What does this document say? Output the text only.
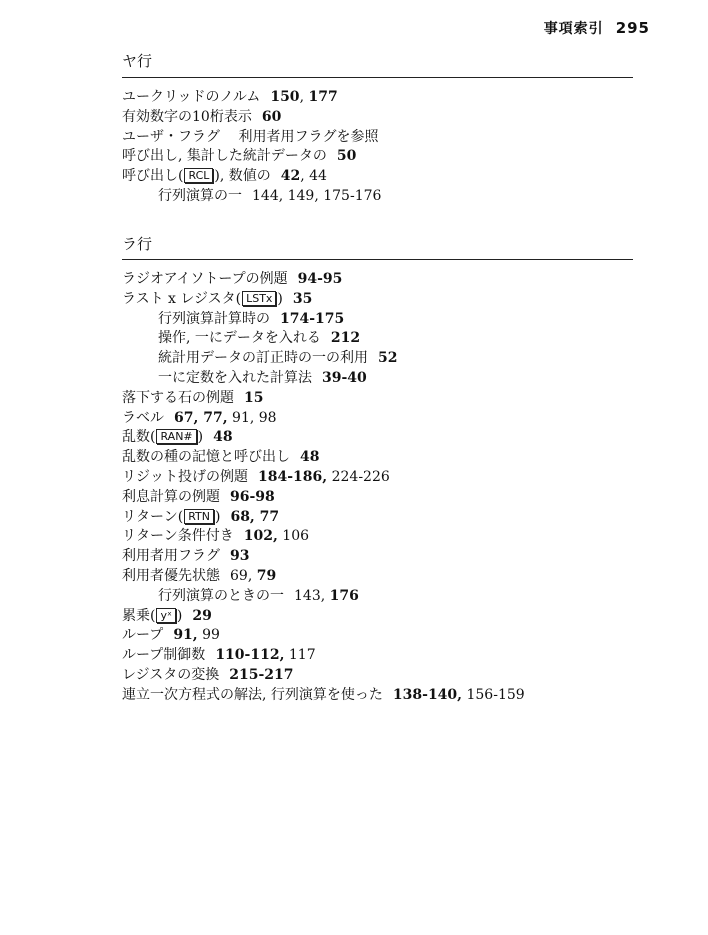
事項索引 295
ヤ行
ユークリッドのノルム 150, 177
有効数字の10桁表示 60
ユーザ・フラグ　 利用者用フラグを参照
呼び出し, 集計した統計データの 50
呼び出し( RCL ), 数値の 42, 44
行列演算の一 144, 149, 175-176
ラ行
ラジオアイソトープの例題 94-95
ラスト x レジスタ( LSTx ) 35
行列演算計算時の 174-175
操作, 一にデータを入れる 212
統計用データの訂正時の一の利用 52
一に定数を入れた計算法 39-40
落下する石の例題 15
ラベル 67, 77, 91, 98
乱数( RAN# ) 48
乱数の種の記憶と呼び出し 48
リジット投げの例題 184-186, 224-226
利息計算の例題 96-98
リターン( RTN ) 68, 77
リターン条件付き 102, 106
利用者用フラグ 93
利用者優先状態 69, 79
行列演算のときの一 143, 176
累乗( yˣ ) 29
ループ 91, 99
ループ制御数 110-112, 117
レジスタの変換 215-217
連立一次方程式の解法, 行列演算を使った 138-140, 156-159
